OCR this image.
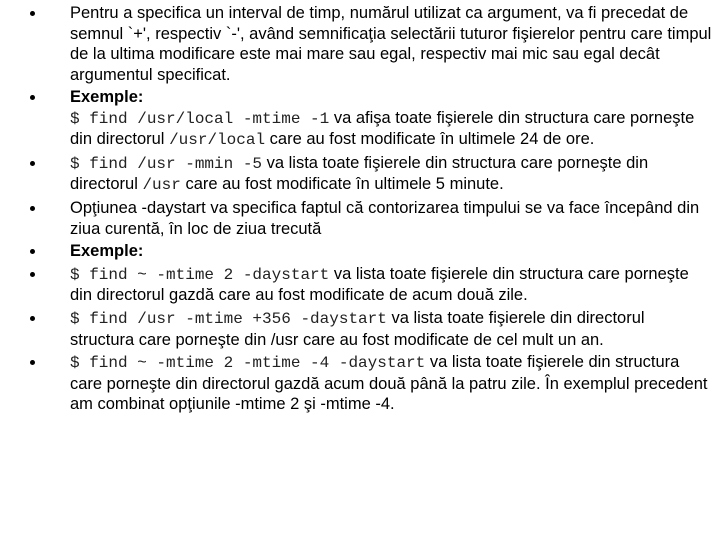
Pentru a specifica un interval de timp, numărul utilizat ca argument, va fi precedat de semnul `+', respectiv `-', având semnificaţia selectării tuturor fişierelor pentru care timpul de la ultima modificare este mai mare sau egal, respectiv mai mic sau egal decât argumentul specificat.
Exemple:
$ find /usr/local -mtime -1 va afişa toate fişierele din structura care porneşte din directorul /usr/local care au fost modificate în ultimele 24 de ore.
$ find /usr -mmin -5 va lista toate fişierele din structura care porneşte din directorul /usr care au fost modificate în ultimele 5 minute.
Opţiunea -daystart va specifica faptul că contorizarea timpului se va face începând din ziua curentă, în loc de ziua trecută
Exemple:
$ find ~ -mtime 2 -daystart va lista toate fişierele din structura care porneşte din directorul gazdă care au fost modificate de acum două zile.
$ find /usr -mtime +356 -daystart va lista toate fişierele din directorul structura care porneşte din /usr care au fost modificate de cel mult un an.
$ find ~ -mtime 2 -mtime -4 -daystart va lista toate fişierele din structura care porneşte din directorul gazdă acum două până la patru zile. În exemplul precedent am combinat opţiunile -mtime 2 şi -mtime -4.
